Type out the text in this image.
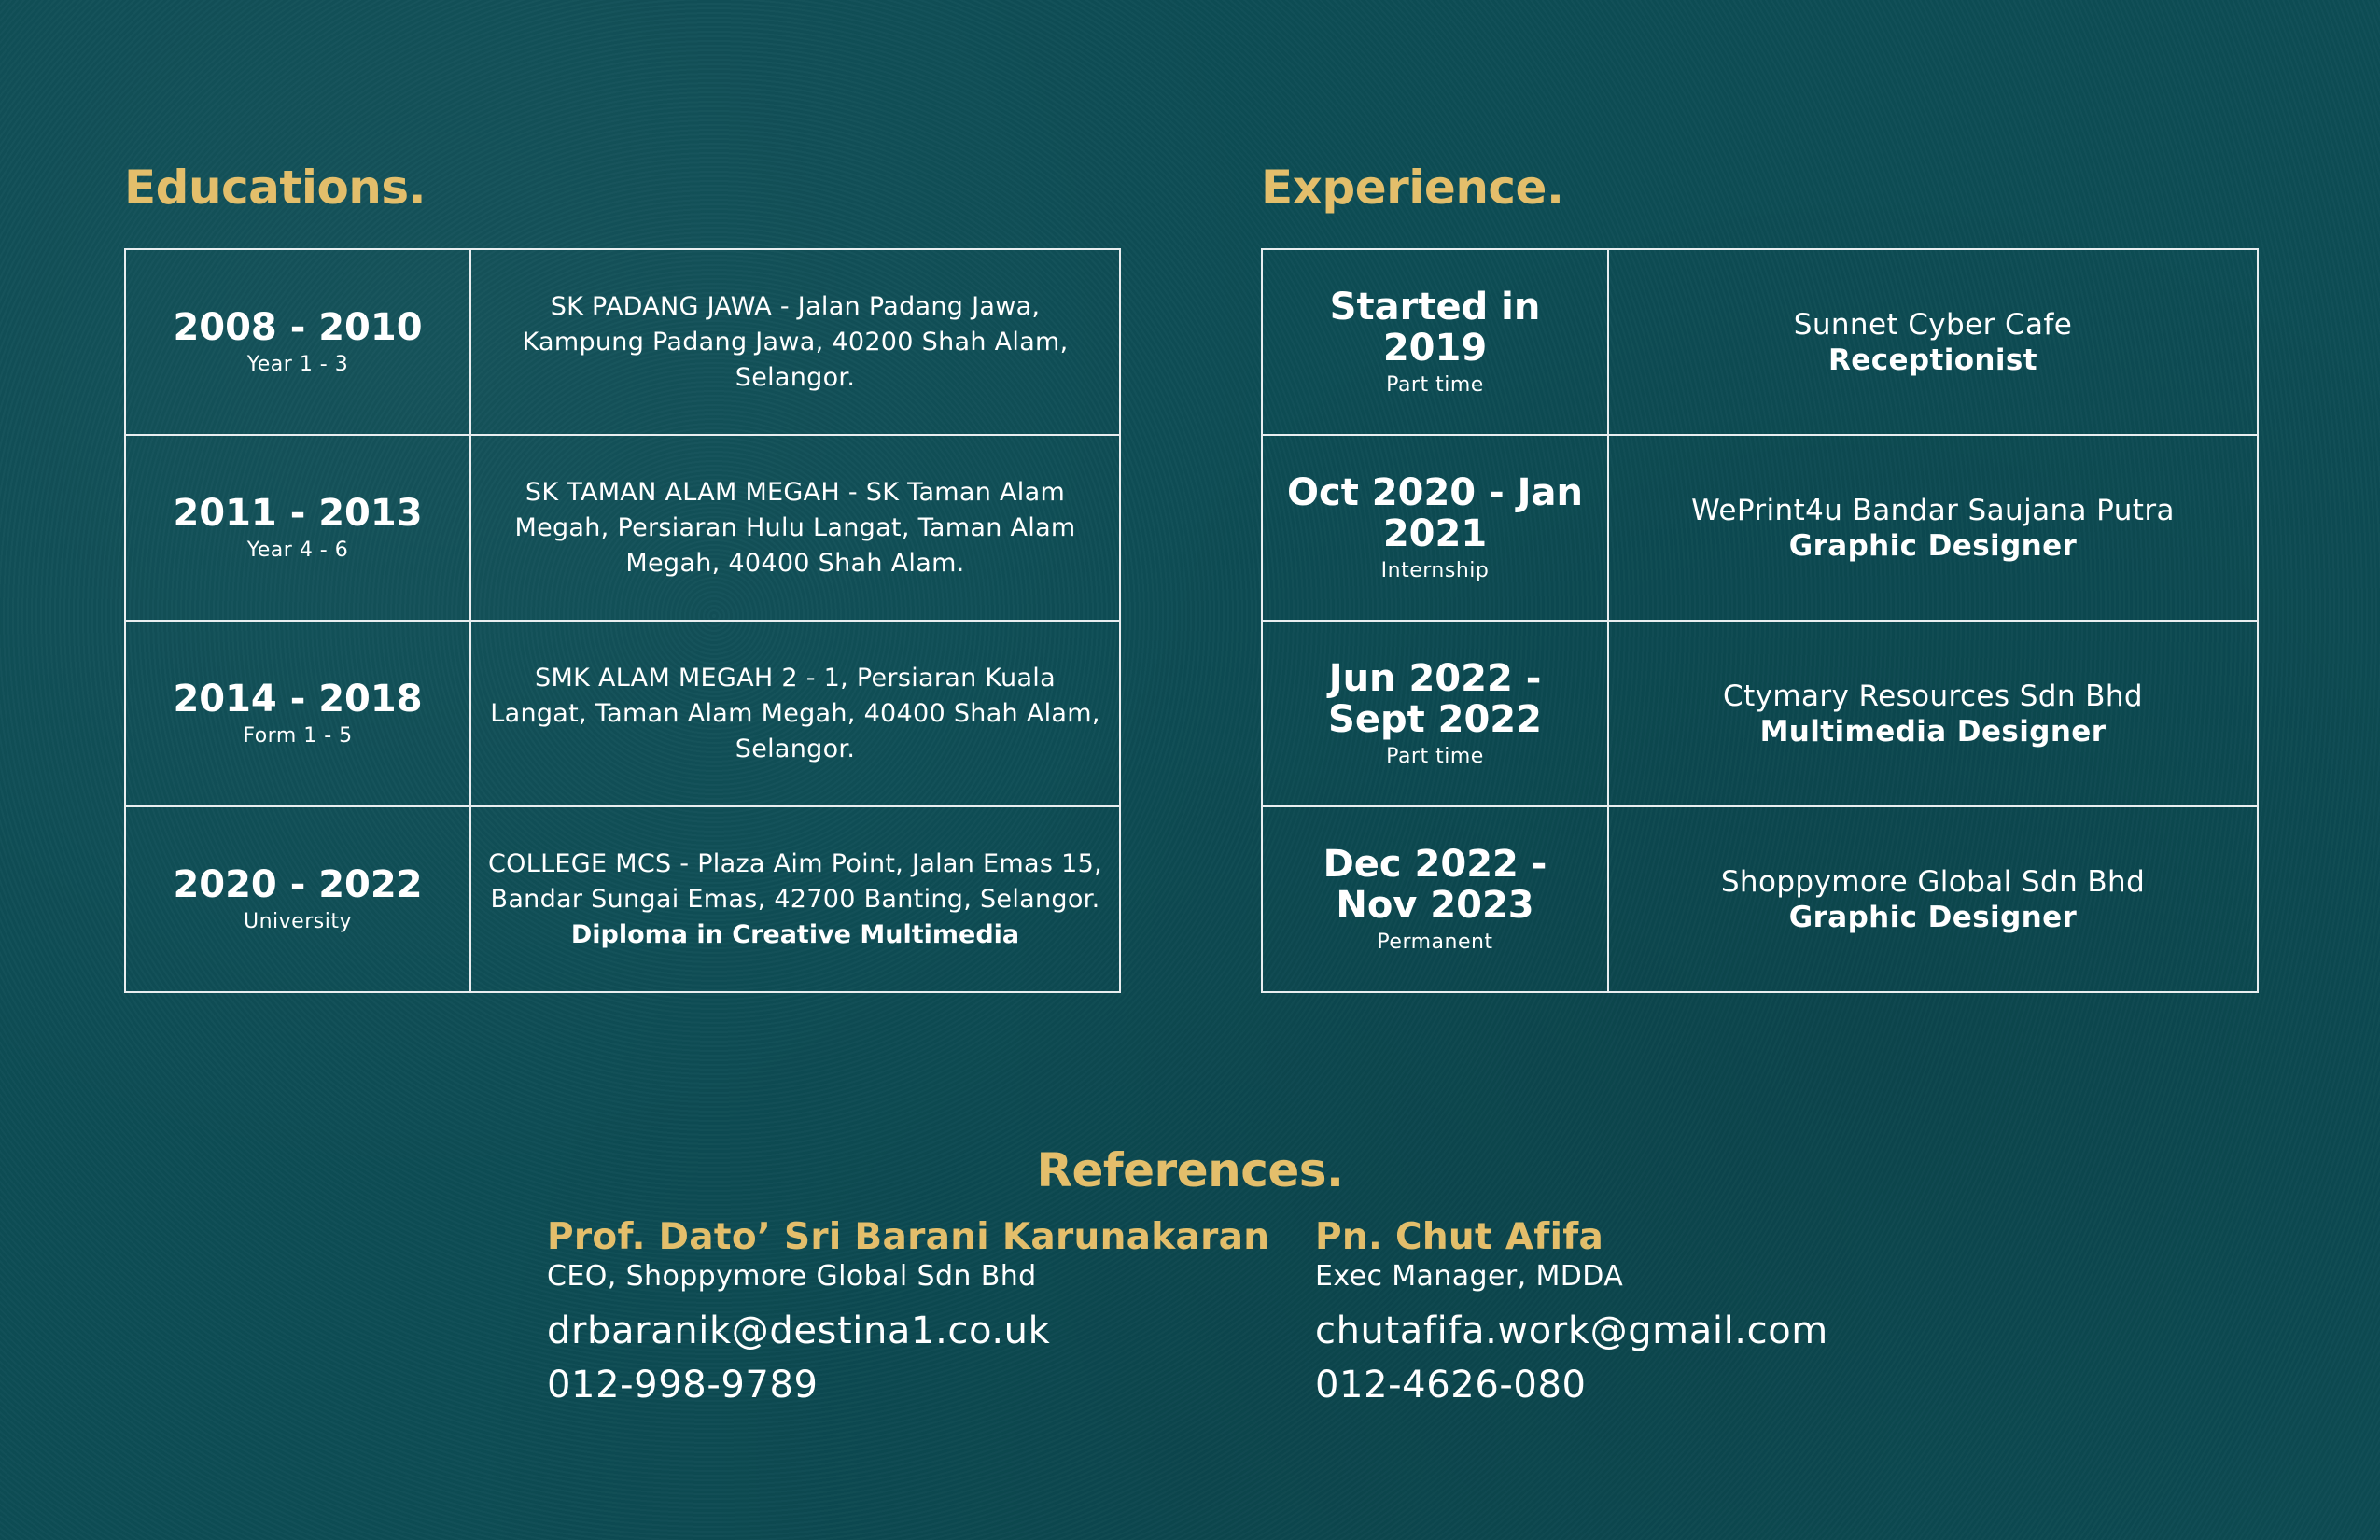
Educations.
2008 - 2010
Year 1 - 3	SK PADANG JAWA - Jalan Padang Jawa, Kampung Padang Jawa, 40200 Shah Alam, Selangor.

2011 - 2013
Year 4 - 6	SK TAMAN ALAM MEGAH - SK Taman Alam Megah, Persiaran Hulu Langat, Taman Alam Megah, 40400 Shah Alam.

2014 - 2018
Form 1 - 5	SMK ALAM MEGAH 2 - 1, Persiaran Kuala Langat, Taman Alam Megah, 40400 Shah Alam, Selangor.

2020 - 2022
University	COLLEGE MCS - Plaza Aim Point, Jalan Emas 15, Bandar Sungai Emas, 42700 Banting, Selangor.
Diploma in Creative Multimedia
Experience.
Started in 2019
Part time	Sunnet Cyber Cafe
Receptionist

Oct 2020 - Jan 2021
Internship	WePrint4u Bandar Saujana Putra
Graphic Designer

Jun 2022 - Sept 2022
Part time	Ctymary Resources Sdn Bhd
Multimedia Designer

Dec 2022 - Nov 2023
Permanent	Shoppymore Global Sdn Bhd
Graphic Designer
References.
Prof. Dato’ Sri Barani Karunakaran
CEO, Shoppymore Global Sdn Bhd
drbaranik@destina1.co.uk
012-998-9789
Pn. Chut Afifa
Exec Manager, MDDA
chutafifa.work@gmail.com
012-4626-080
